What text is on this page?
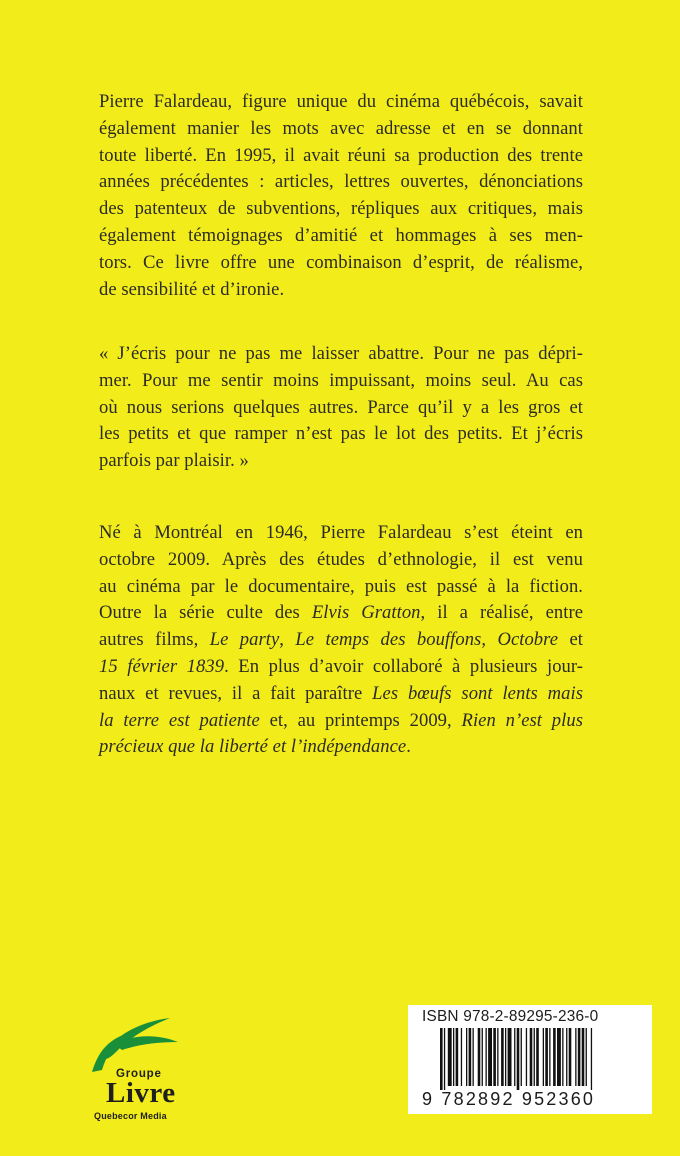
Pierre Falardeau, figure unique du cinéma québécois, savait
également manier les mots avec adresse et en se donnant
toute liberté. En 1995, il avait réuni sa production des trente
années précédentes : articles, lettres ouvertes, dénonciations
des patenteux de subventions, répliques aux critiques, mais
également témoignages d’amitié et hommages à ses men-
tors. Ce livre offre une combinaison d’esprit, de réalisme,
de sensibilité et d’ironie.
« J’écris pour ne pas me laisser abattre. Pour ne pas dépri-
mer. Pour me sentir moins impuissant, moins seul. Au cas
où nous serions quelques autres. Parce qu’il y a les gros et
les petits et que ramper n’est pas le lot des petits. Et j’écris
parfois par plaisir. »
Né à Montréal en 1946, Pierre Falardeau s’est éteint en
octobre 2009. Après des études d’ethnologie, il est venu
au cinéma par le documentaire, puis est passé à la fiction.
Outre la série culte des Elvis Gratton, il a réalisé, entre
autres films, Le party, Le temps des bouffons, Octobre et
15 février 1839. En plus d’avoir collaboré à plusieurs jour-
naux et revues, il a fait paraître Les bœufs sont lents mais
la terre est patiente et, au printemps 2009, Rien n’est plus
précieux que la liberté et l’indépendance.
Groupe
Livre
Quebecor Media
ISBN 978-2-89295-236-0
9 782892 952360
